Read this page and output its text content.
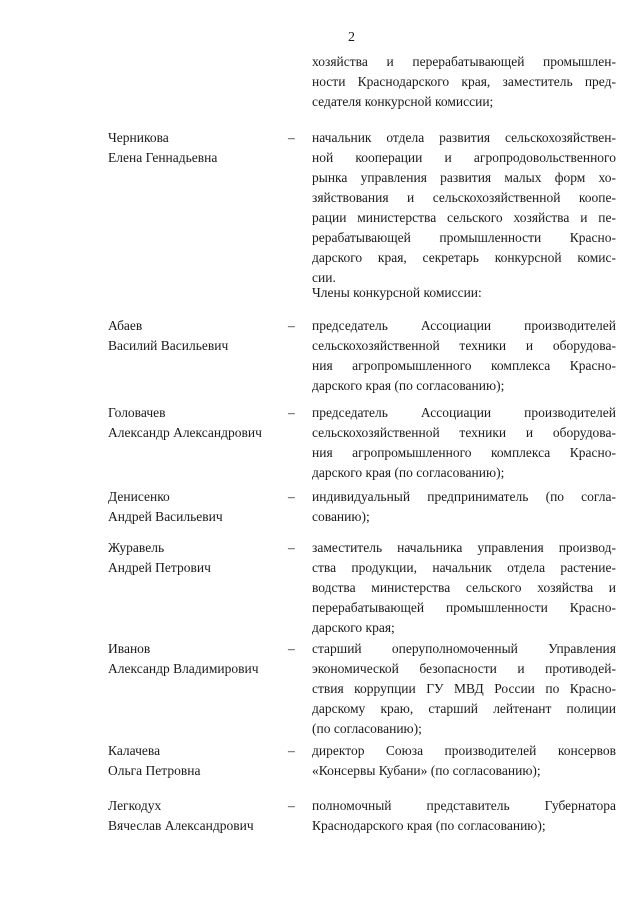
2
хозяйства и перерабатывающей промышлен-
ности Краснодарского края, заместитель пред-
седателя конкурсной комиссии;
Черникова
Елена Геннадьевна
– начальник отдела развития сельскохозяйствен-
ной кооперации и агропродовольственного
рынка управления развития малых форм хо-
зяйствования и сельскохозяйственной коопе-
рации министерства сельского хозяйства и пе-
рерабатывающей промышленности Красно-
дарского края, секретарь конкурсной комис-
сии.
Члены конкурсной комиссии:
Абаев
Василий Васильевич
– председатель Ассоциации производителей
сельскохозяйственной техники и оборудова-
ния агропромышленного комплекса Красно-
дарского края (по согласованию);
Головачев
Александр Александрович
– председатель Ассоциации производителей
сельскохозяйственной техники и оборудова-
ния агропромышленного комплекса Красно-
дарского края (по согласованию);
Денисенко
Андрей Васильевич
– индивидуальный предприниматель (по согла-
сованию);
Журавель
Андрей Петрович
– заместитель начальника управления производ-
ства продукции, начальник отдела растение-
водства министерства сельского хозяйства и
перерабатывающей промышленности Красно-
дарского края;
Иванов
Александр Владимирович
– старший оперуполномоченный Управления
экономической безопасности и противодей-
ствия коррупции ГУ МВД России по Красно-
дарскому краю, старший лейтенант полиции
(по согласованию);
Калачева
Ольга Петровна
– директор Союза производителей консервов
«Консервы Кубани» (по согласованию);
Легкодух
Вячеслав Александрович
– полномочный представитель Губернатора
Краснодарского края (по согласованию);
